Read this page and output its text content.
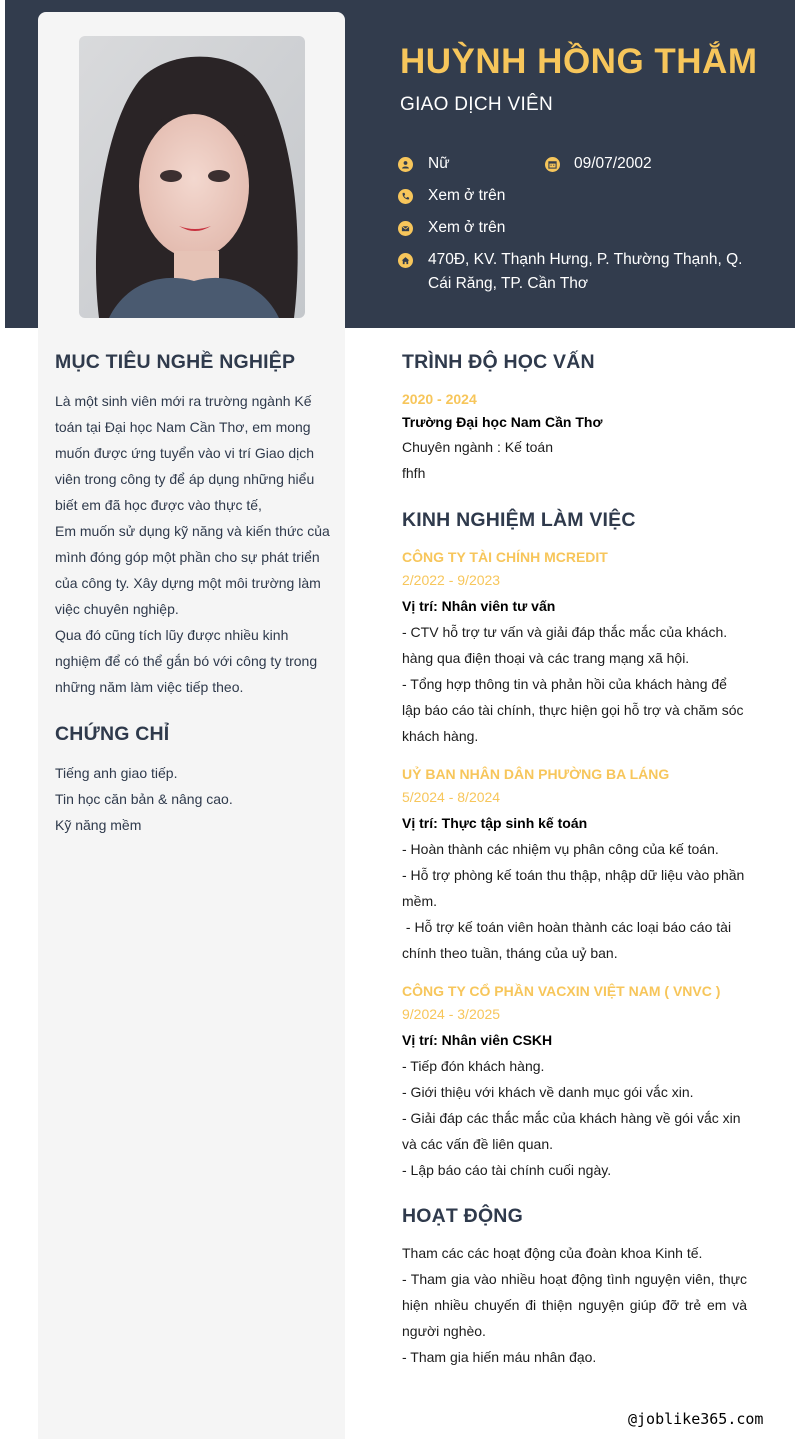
HUỲNH HỒNG THẮM
GIAO DỊCH VIÊN
Nữ	09/07/2002
Xem ở trên
Xem ở trên
470Đ, KV. Thạnh Hưng, P. Thường Thạnh, Q. Cái Răng, TP. Cần Thơ
MỤC TIÊU NGHỀ NGHIỆP

Là một sinh viên mới ra trường ngành Kế toán tại Đại học Nam Cần Thơ, em mong muốn được ứng tuyển vào vi trí Giao dịch viên trong công ty để áp dụng những hiểu biết em đã học được vào thực tế,

Em muốn sử dụng kỹ năng và kiến thức của mình đóng góp một phần cho sự phát triển của công ty. Xây dựng một môi trường làm việc chuyên nghiệp.

Qua đó cũng tích lũy được nhiều kinh nghiệm để có thể gắn bó với công ty trong những năm làm việc tiếp theo.

CHỨNG CHỈ

Tiếng anh giao tiếp.

Tin học căn bản & nâng cao.

Kỹ năng mềm

TRÌNH ĐỘ HỌC VẤN

2020 - 2024

Trường Đại học Nam Cần Thơ

Chuyên ngành : Kế toán

fhfh

KINH NGHIỆM LÀM VIỆC

CÔNG TY TÀI CHÍNH MCREDIT

2/2022 - 9/2023

Vị trí: Nhân viên tư vấn

- CTV hỗ trợ tư vấn và giải đáp thắc mắc của khách. hàng qua điện thoại và các trang mạng xã hội.

- Tổng hợp thông tin và phản hồi của khách hàng để lập báo cáo tài chính, thực hiện gọi hỗ trợ và chăm sóc khách hàng.

UỶ BAN NHÂN DÂN PHƯỜNG BA LÁNG

5/2024 - 8/2024

Vị trí: Thực tập sinh kế toán

- Hoàn thành các nhiệm vụ phân công của kế toán.

- Hỗ trợ phòng kế toán thu thập, nhập dữ liệu vào phần mềm.

- Hỗ trợ kế toán viên hoàn thành các loại báo cáo tài chính theo tuần, tháng của uỷ ban.

CÔNG TY CỔ PHẦN VACXIN VIỆT NAM ( VNVC )

9/2024 - 3/2025

Vị trí: Nhân viên CSKH

- Tiếp đón khách hàng.

- Giới thiệu với khách về danh mục gói vắc xin.

- Giải đáp các thắc mắc của khách hàng về gói vắc xin và các vấn đề liên quan.

- Lập báo cáo tài chính cuối ngày.

HOẠT ĐỘNG

Tham các các hoạt động của đoàn khoa Kinh tế.

- Tham gia vào nhiều hoạt động tình nguyện viên, thực hiện nhiều chuyến đi thiện nguyện giúp đỡ trẻ em và người nghèo.

- Tham gia hiến máu nhân đạo.

@joblike365.com
